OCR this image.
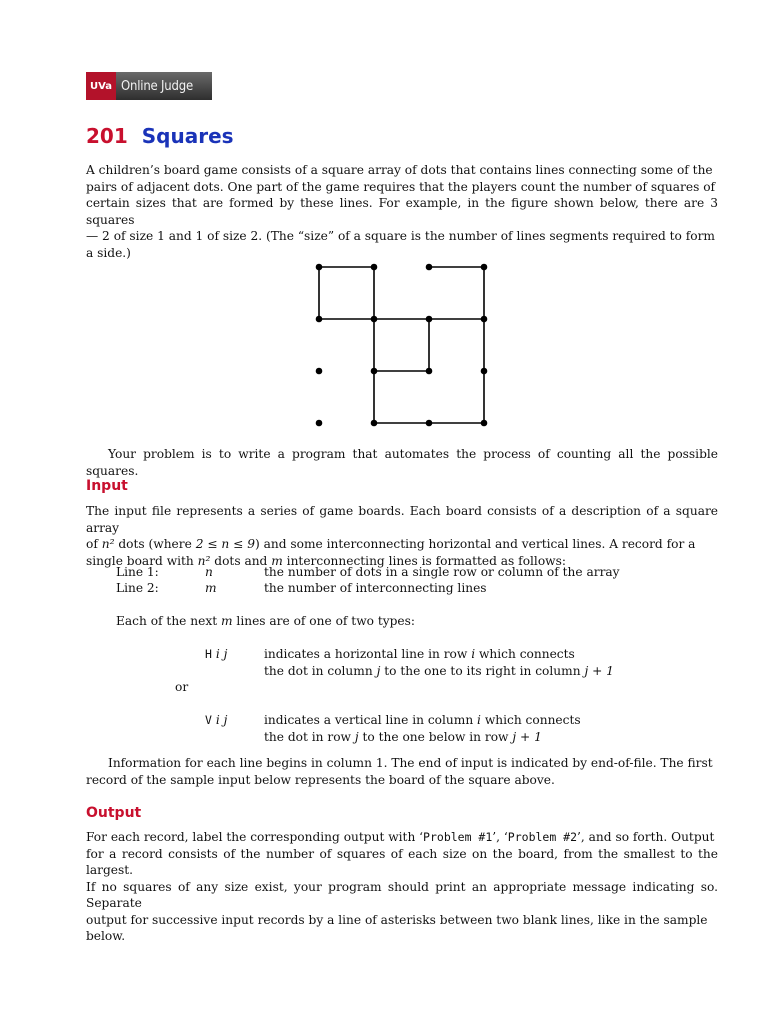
UVa Online Judge
201 Squares
A children’s board game consists of a square array of dots that contains lines connecting some of the
pairs of adjacent dots. One part of the game requires that the players count the number of squares of
certain sizes that are formed by these lines. For example, in the figure shown below, there are 3 squares
— 2 of size 1 and 1 of size 2. (The “size” of a square is the number of lines segments required to form
a side.)
Your problem is to write a program that automates the process of counting all the possible squares.
Input
The input file represents a series of game boards. Each board consists of a description of a square array
of n² dots (where 2 ≤ n ≤ 9) and some interconnecting horizontal and vertical lines. A record for a
single board with n² dots and m interconnecting lines is formatted as follows:
Line 1:	n	the number of dots in a single row or column of the array
Line 2:	m	the number of interconnecting lines
Each of the next m lines are of one of two types:
H i j	indicates a horizontal line in row i which connects
the dot in column j to the one to its right in column j + 1
or
V i j	indicates a vertical line in column i which connects
the dot in row j to the one below in row j + 1
Information for each line begins in column 1. The end of input is indicated by end-of-file. The first
record of the sample input below represents the board of the square above.
Output
For each record, label the corresponding output with ‘Problem #1’, ‘Problem #2’, and so forth. Output
for a record consists of the number of squares of each size on the board, from the smallest to the largest.
If no squares of any size exist, your program should print an appropriate message indicating so. Separate
output for successive input records by a line of asterisks between two blank lines, like in the sample
below.
